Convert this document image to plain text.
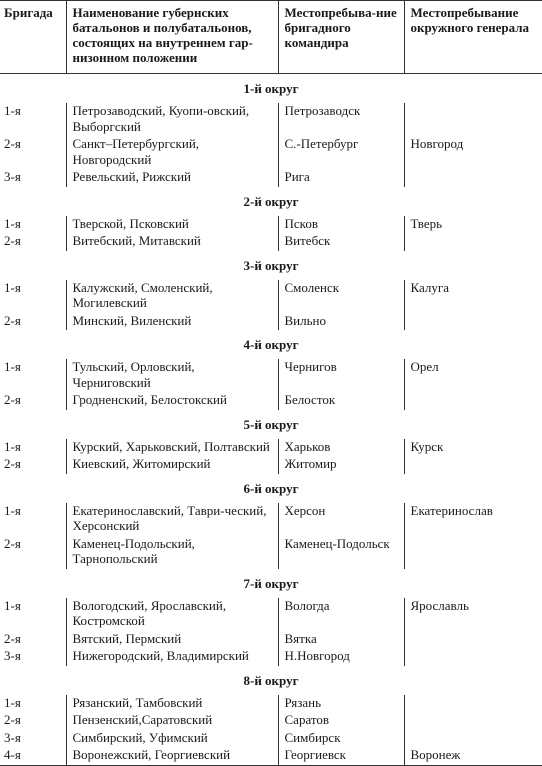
Бригада	Наименование губернских батальонов и полубатальонов, состоящих на внутреннем гар-низонном положении	Местопребыва-ние бригадного командира	Местопребывание окружного генерала
1-й округ			
1-я	Петрозаводский, Куопи-овский, Выборгский	Петрозаводск	
2-я	Санкт–Петербургский, Новгородский	С.-Петербург	Новгород
3-я	Ревельский, Рижский	Рига	
2-й округ			
1-я	Тверской, Псковский	Псков	Тверь
2-я	Витебский, Митавский	Витебск	
3-й округ			
1-я	Калужский, Смоленский, Могилевский	Смоленск	Калуга
2-я	Минский, Виленский	Вильно	
4-й округ			
1-я	Тульский, Орловский, Черниговский	Чернигов	Орел
2-я	Гродненский, Белостокский	Белосток	
5-й округ			
1-я	Курский, Харьковский, Полтавский	Харьков	Курск
2-я	Киевский, Житомирский	Житомир	
6-й округ			
1-я	Екатеринославский, Таври-ческий, Херсонский	Херсон	Екатеринослав
2-я	Каменец-Подольский, Тарнопольский	Каменец-Подольск	
7-й округ			
1-я	Вологодский, Ярославский, Костромской	Вологда	Ярославль
2-я	Вятский, Пермский	Вятка	
3-я	Нижегородский, Владимирский	Н.Новгород	
8-й округ			
1-я	Рязанский, Тамбовский	Рязань	
2-я	Пензенский,Саратовский	Саратов	
3-я	Симбирский, Уфимский	Симбирск	
4-я	Воронежский, Георгиевский	Георгиевск	Воронеж
